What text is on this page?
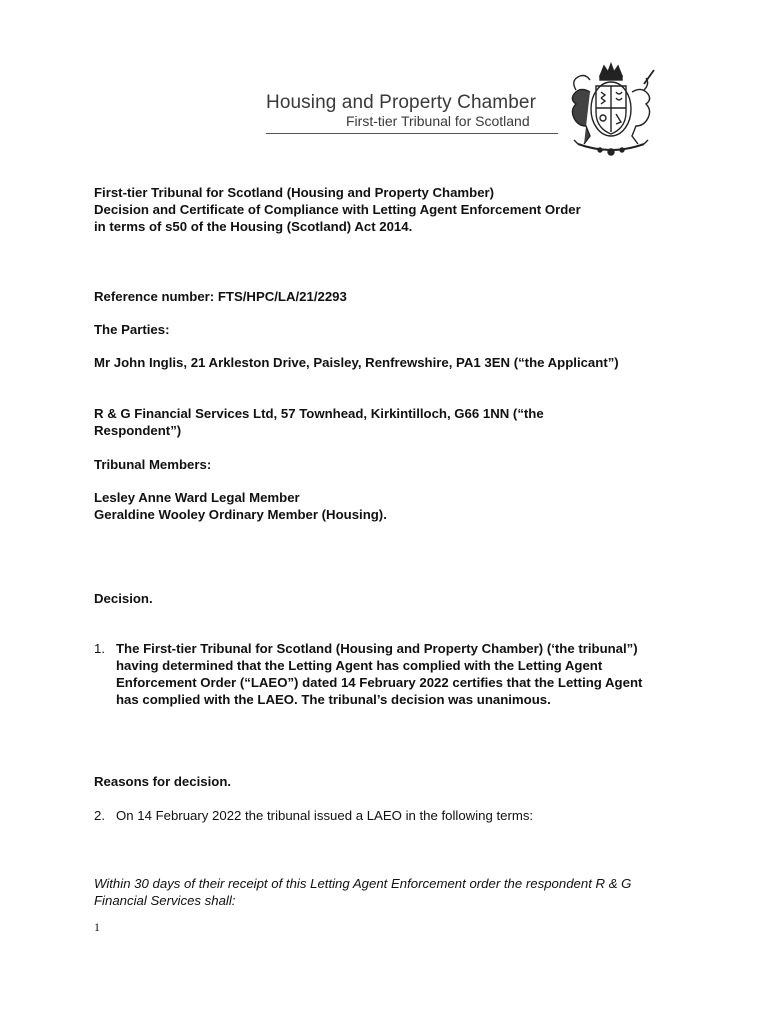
Housing and Property Chamber
First-tier Tribunal for Scotland
First-tier Tribunal for Scotland (Housing and Property Chamber)
Decision and Certificate of Compliance with Letting Agent Enforcement Order
in terms of s50 of the Housing (Scotland) Act 2014.
Reference number: FTS/HPC/LA/21/2293
The Parties:
Mr John Inglis, 21 Arkleston Drive, Paisley, Renfrewshire, PA1 3EN (“the Applicant”)
R & G Financial Services Ltd, 57 Townhead, Kirkintilloch, G66 1NN (“the Respondent”)
Tribunal Members:
Lesley Anne Ward Legal Member
Geraldine Wooley Ordinary Member (Housing).
Decision.
1. The First-tier Tribunal for Scotland (Housing and Property Chamber) (‘the tribunal”) having determined that the Letting Agent has complied with the Letting Agent Enforcement Order (“LAEO”) dated 14 February 2022 certifies that the Letting Agent has complied with the LAEO. The tribunal’s decision was unanimous.
Reasons for decision.
2. On 14 February 2022 the tribunal issued a LAEO in the following terms:
Within 30 days of their receipt of this Letting Agent Enforcement order the respondent R & G Financial Services shall:
1
